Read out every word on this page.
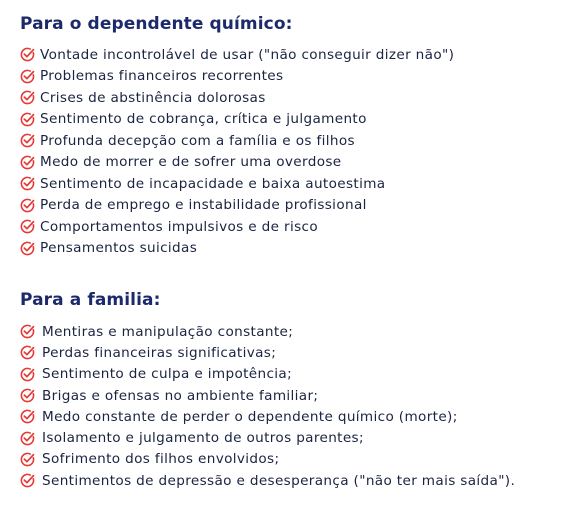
Para o dependente químico:
Vontade incontrolável de usar ("não conseguir dizer não")
Problemas financeiros recorrentes
Crises de abstinência dolorosas
Sentimento de cobrança, crítica e julgamento
Profunda decepção com a família e os filhos
Medo de morrer e de sofrer uma overdose
Sentimento de incapacidade e baixa autoestima
Perda de emprego e instabilidade profissional
Comportamentos impulsivos e de risco
Pensamentos suicidas
Para a familia:
Mentiras e manipulação constante;
Perdas financeiras significativas;
Sentimento de culpa e impotência;
Brigas e ofensas no ambiente familiar;
Medo constante de perder o dependente químico (morte);
Isolamento e julgamento de outros parentes;
Sofrimento dos filhos envolvidos;
Sentimentos de depressão e desesperança ("não ter mais saída").
